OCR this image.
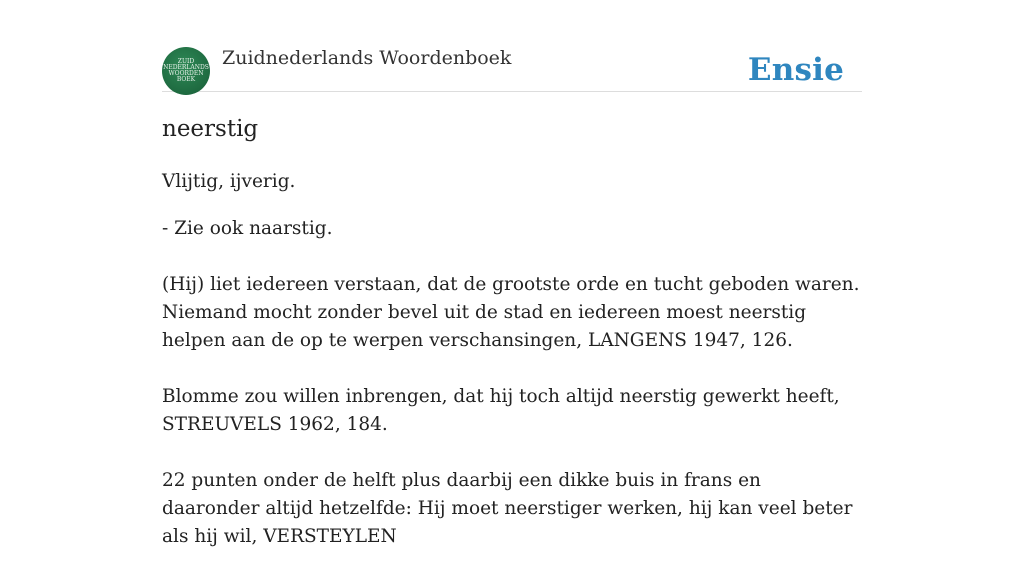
ZUID
NEDERLANDS
WOORDEN
BOEK
Zuidnederlands Woordenboek	Ensie
neerstig

Vlijtig, ijverig.

- Zie ook naarstig.

(Hij) liet iedereen verstaan, dat de grootste orde en tucht geboden waren. Niemand mocht zonder bevel uit de stad en iedereen moest neerstig helpen aan de op te werpen verschansingen, LANGENS 1947, 126.

Blomme zou willen inbrengen, dat hij toch altijd neerstig gewerkt heeft, STREUVELS 1962, 184.

22 punten onder de helft plus daarbij een dikke buis in frans en daaronder altijd hetzelfde: Hij moet neerstiger werken, hij kan veel beter als hij wil, VERSTEYLEN
